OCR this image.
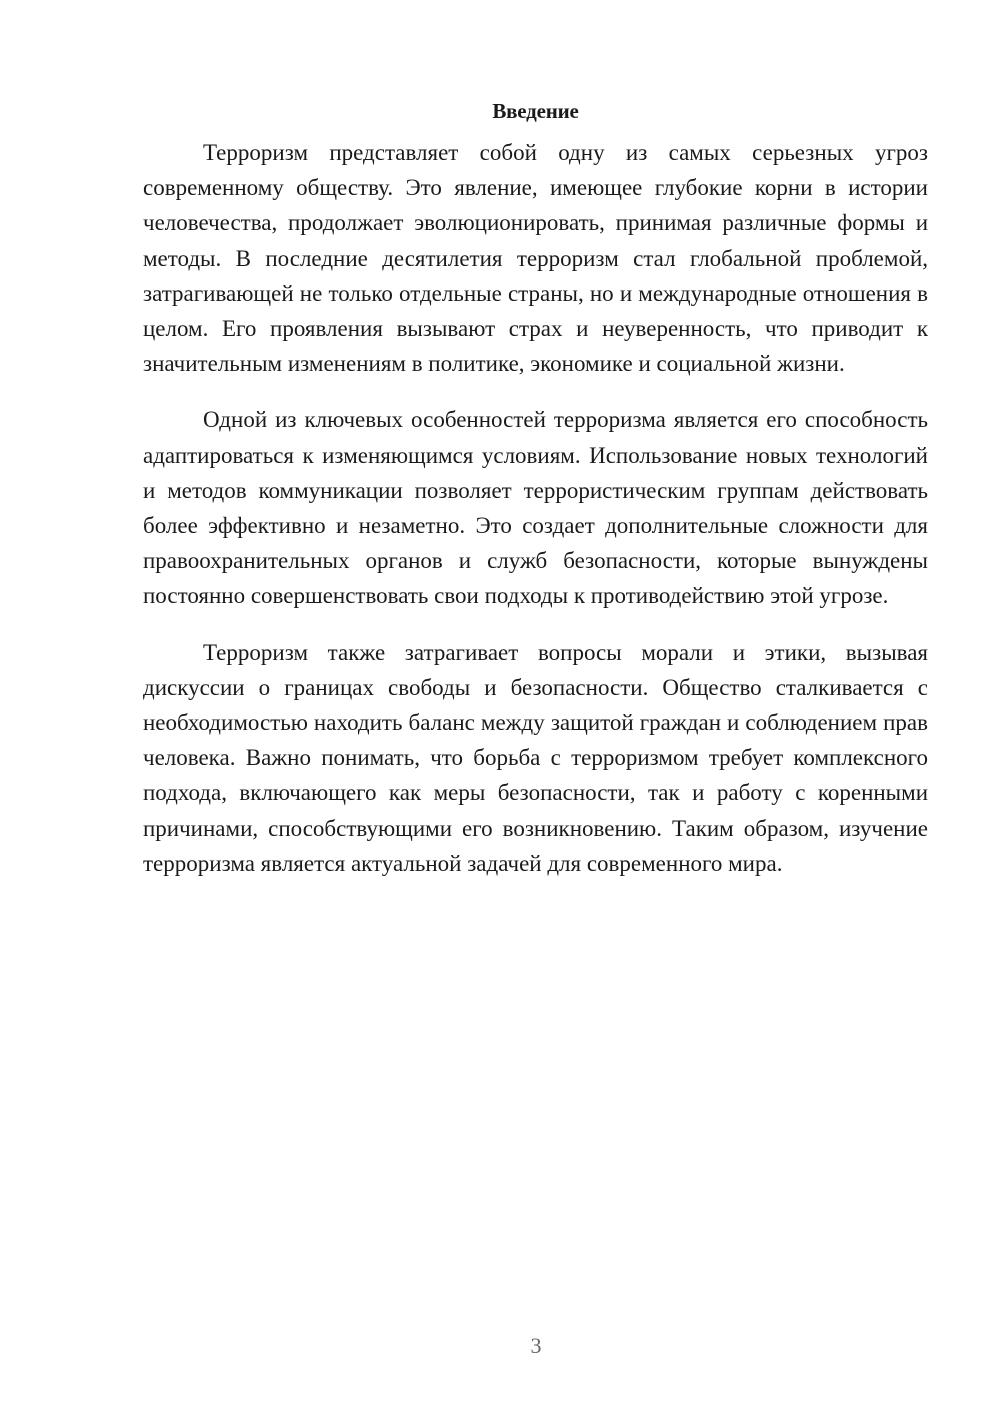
Введение

Терроризм представляет собой одну из самых серьезных угроз современному обществу. Это явление, имеющее глубокие корни в истории человечества, продолжает эволюционировать, принимая различные формы и методы. В последние десятилетия терроризм стал глобальной проблемой, затрагивающей не только отдельные страны, но и международные отношения в целом. Его проявления вызывают страх и неуверенность, что приводит к значительным изменениям в политике, экономике и социальной жизни.

Одной из ключевых особенностей терроризма является его способность адаптироваться к изменяющимся условиям. Использование новых технологий и методов коммуникации позволяет террористическим группам действовать более эффективно и незаметно. Это создает дополнительные сложности для правоохранительных органов и служб безопасности, которые вынуждены постоянно совершенствовать свои подходы к противодействию этой угрозе.

Терроризм также затрагивает вопросы морали и этики, вызывая дискуссии о границах свободы и безопасности. Общество сталкивается с необходимостью находить баланс между защитой граждан и соблюдением прав человека. Важно понимать, что борьба с терроризмом требует комплексного подхода, включающего как меры безопасности, так и работу с коренными причинами, способствующими его возникновению. Таким образом, изучение терроризма является актуальной задачей для современного мира.

3
